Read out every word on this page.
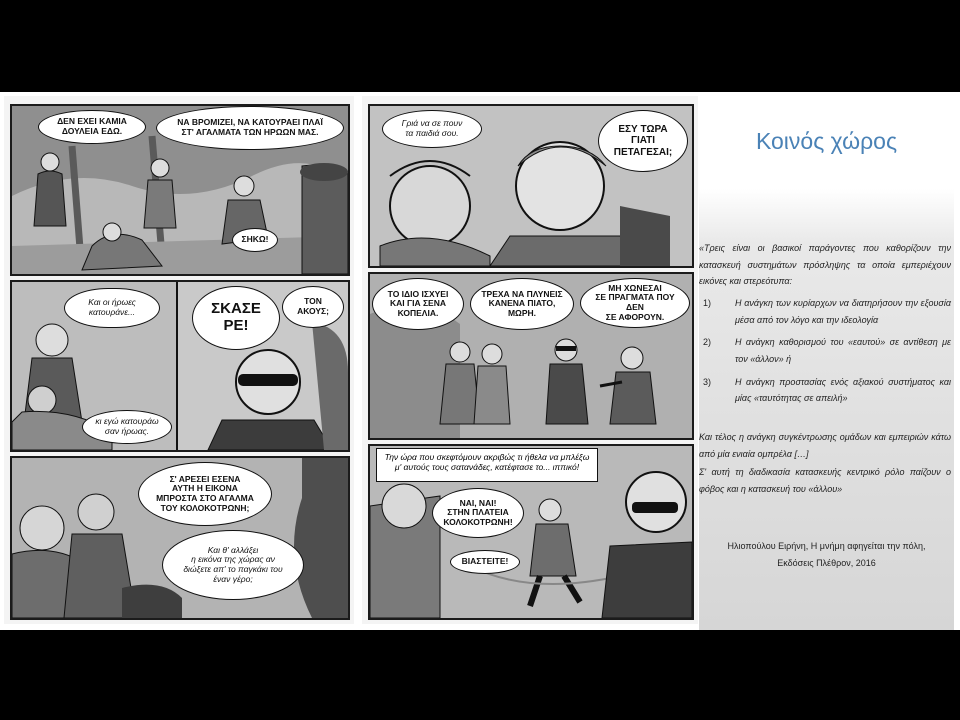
ΔΕΝ ΕΧΕΙ ΚΑΜΙΑ
ΔΟΥΛΕΙΑ ΕΔΩ.
ΝΑ ΒΡΟΜΙΖΕΙ, ΝΑ ΚΑΤΟΥΡΑΕΙ ΠΛΑΪ
ΣΤ' ΑΓΑΛΜΑΤΑ ΤΩΝ ΗΡΩΩΝ ΜΑΣ.
ΣΗΚΩ!
Και οι ήρωες
κατουράνε...	ΣΚΑΣΕ
ΡΕ!
ΤΟΝ
ΑΚΟΥΣ;
κι εγώ κατουράω
σαν ήρωας.
Σ' ΑΡΕΣΕΙ ΕΣΕΝΑ
ΑΥΤΗ Η ΕΙΚΟΝΑ
ΜΠΡΟΣΤΑ ΣΤΟ ΑΓΑΛΜΑ
ΤΟΥ ΚΟΛΟΚΟΤΡΩΝΗ;
Και θ' αλλάξει
η εικόνα της χώρας αν
διώξετε απ' το παγκάκι του
έναν γέρο;
Γριά να σε πουν
τα παιδιά σου.	ΕΣΥ ΤΩΡΑ
ΓΙΑΤΙ
ΠΕΤΑΓΕΣΑΙ;
ΤΟ ΙΔΙΟ ΙΣΧΥΕΙ
ΚΑΙ ΓΙΑ ΣΕΝΑ
ΚΟΠΕΛΙΑ.
ΤΡΕΧΑ ΝΑ ΠΛΥΝΕΙΣ
ΚΑΝΕΝΑ ΠΙΑΤΟ,
ΜΩΡΗ.
ΜΗ ΧΩΝΕΣΑΙ
ΣΕ ΠΡΑΓΜΑΤΑ ΠΟΥ ΔΕΝ
ΣΕ ΑΦΟΡΟΥΝ.
Την ώρα που σκεφτόμουν ακριβώς τι ήθελα να μπλέξω
μ' αυτούς τους σατανάδες, κατέφτασε το... ιππικό!
ΝΑΙ, ΝΑΙ!
ΣΤΗΝ ΠΛΑΤΕΙΑ
ΚΟΛΟΚΟΤΡΩΝΗ!
ΒΙΑΣΤΕΙΤΕ!
Κοινός χώρος
«Τρεις είναι οι βασικοί παράγοντες που καθορίζουν την κατασκευή συστημάτων πρόσληψης τα οποία εμπεριέχουν εικόνες και στερεότυπα:
1)	Η ανάγκη των κυρίαρχων να διατηρήσουν την εξουσία μέσα από τον λόγο και την ιδεολογία
2)	Η ανάγκη καθορισμού του «εαυτού» σε αντίθεση με τον «άλλον» ή
3)	Η ανάγκη προστασίας ενός αξιακού συστήματος και μίας «ταυτότητας σε απειλή»
Και τέλος η ανάγκη συγκέντρωσης ομάδων και εμπειριών κάτω από μία ενιαία ομπρέλα […]
Σ' αυτή τη διαδικασία κατασκευής κεντρικό ρόλο παίζουν ο φόβος και η κατασκευή του «άλλου»
Ηλιοπούλου Ειρήνη, Η μνήμη αφηγείται την πόλη,
Εκδόσεις Πλέθρον, 2016
